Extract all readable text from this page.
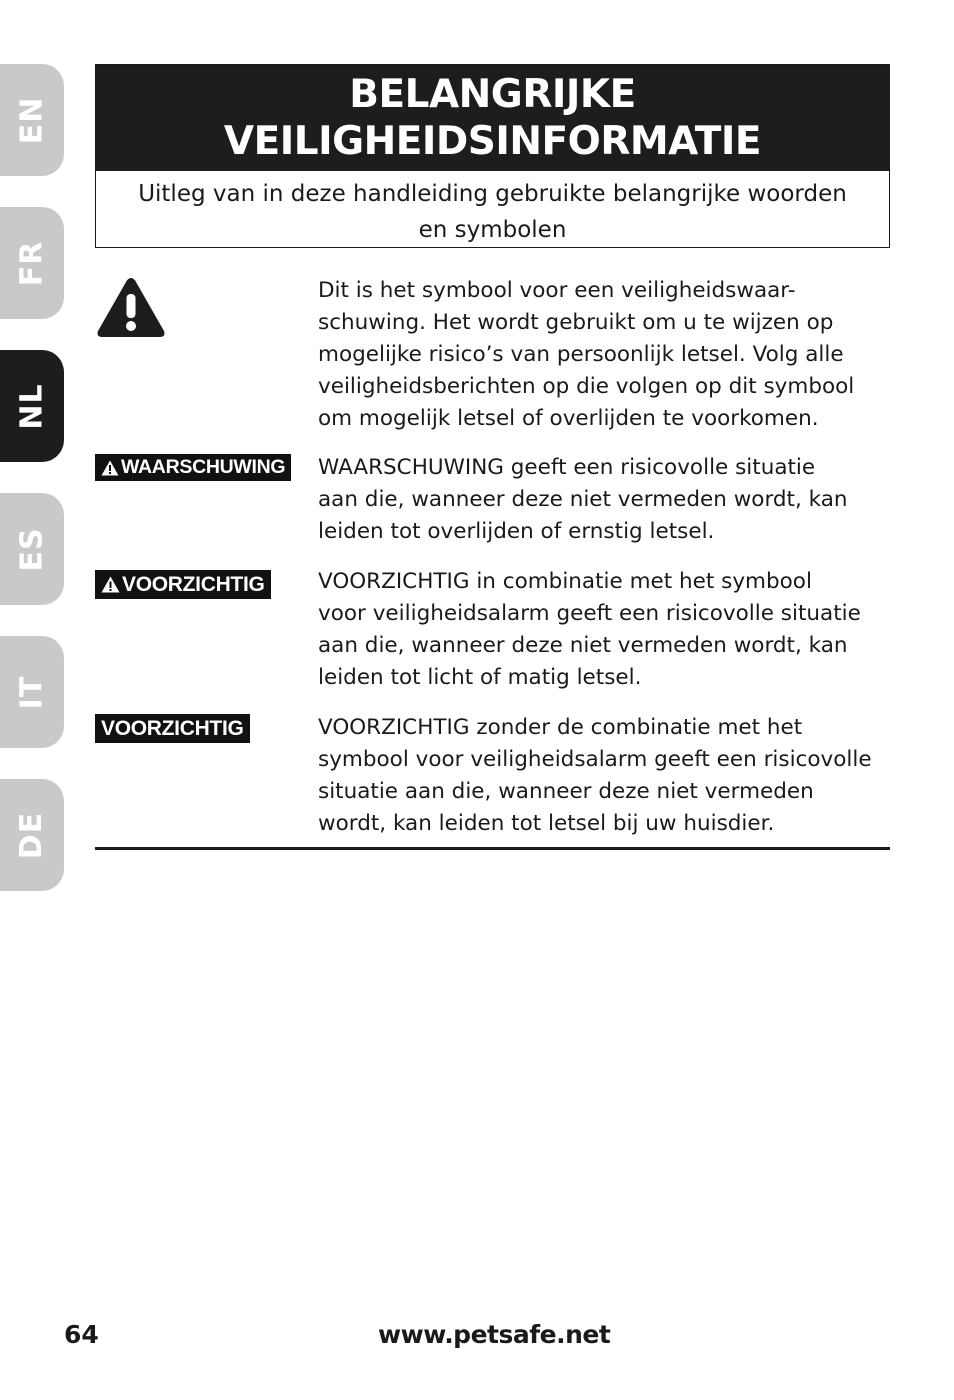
EN
FR
NL
ES
IT
DE
BELANGRIJKE
VEILIGHEIDSINFORMATIE
Uitleg van in deze handleiding gebruikte belangrijke woorden
en symbolen
Dit is het symbool voor een veiligheidswaar-
schuwing. Het wordt gebruikt om u te wijzen op
mogelijke risico’s van persoonlijk letsel. Volg alle
veiligheidsberichten op die volgen op dit symbool
om mogelijk letsel of overlijden te voorkomen.
WAARSCHUWING WAARSCHUWING geeft een risicovolle situatie
aan die, wanneer deze niet vermeden wordt, kan
leiden tot overlijden of ernstig letsel.
VOORZICHTIG VOORZICHTIG in combinatie met het symbool
voor veiligheidsalarm geeft een risicovolle situatie
aan die, wanneer deze niet vermeden wordt, kan
leiden tot licht of matig letsel.
VOORZICHTIG	VOORZICHTIG zonder de combinatie met het
symbool voor veiligheidsalarm geeft een risicovolle
situatie aan die, wanneer deze niet vermeden
wordt, kan leiden tot letsel bij uw huisdier.
64	www.petsafe.net
